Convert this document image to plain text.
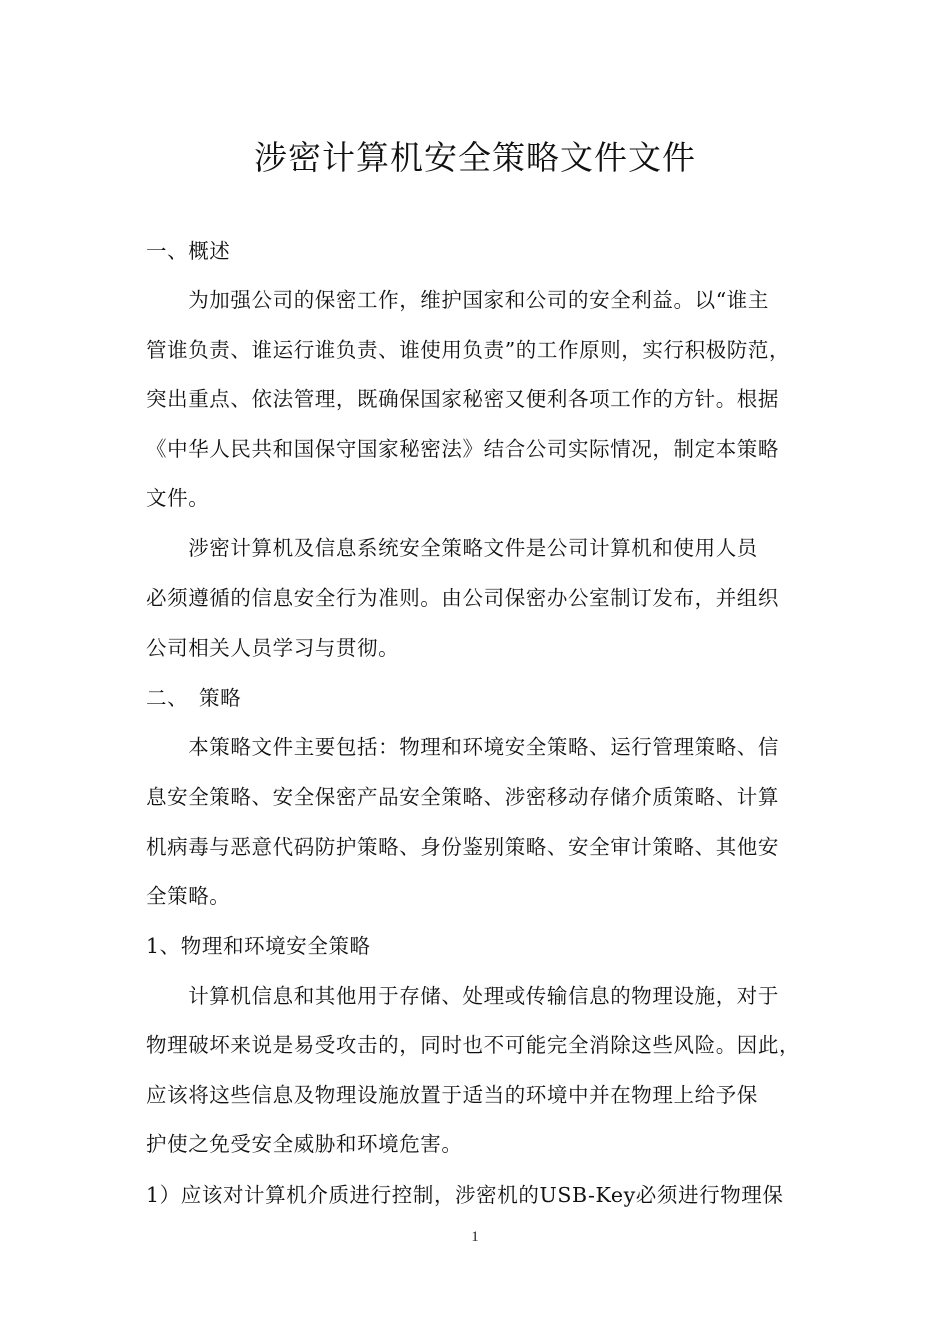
涉密计算机安全策略文件文件
一、概述
　　为加强公司的保密工作，维护国家和公司的安全利益。以“谁主
管谁负责、谁运行谁负责、谁使用负责”的工作原则，实行积极防范，
突出重点、依法管理，既确保国家秘密又便利各项工作的方针。根据
《中华人民共和国保守国家秘密法》结合公司实际情况，制定本策略
文件。
　　涉密计算机及信息系统安全策略文件是公司计算机和使用人员
必须遵循的信息安全行为准则。由公司保密办公室制订发布，并组织
公司相关人员学习与贯彻。
二、　策略
　　本策略文件主要包括：物理和环境安全策略、运行管理策略、信
息安全策略、安全保密产品安全策略、涉密移动存储介质策略、计算
机病毒与恶意代码防护策略、身份鉴别策略、安全审计策略、其他安
全策略。
1、物理和环境安全策略
　　计算机信息和其他用于存储、处理或传输信息的物理设施，对于
物理破坏来说是易受攻击的，同时也不可能完全消除这些风险。因此，
应该将这些信息及物理设施放置于适当的环境中并在物理上给予保
护使之免受安全威胁和环境危害。
1）应该对计算机介质进行控制，涉密机的USB-Key必须进行物理保
1
